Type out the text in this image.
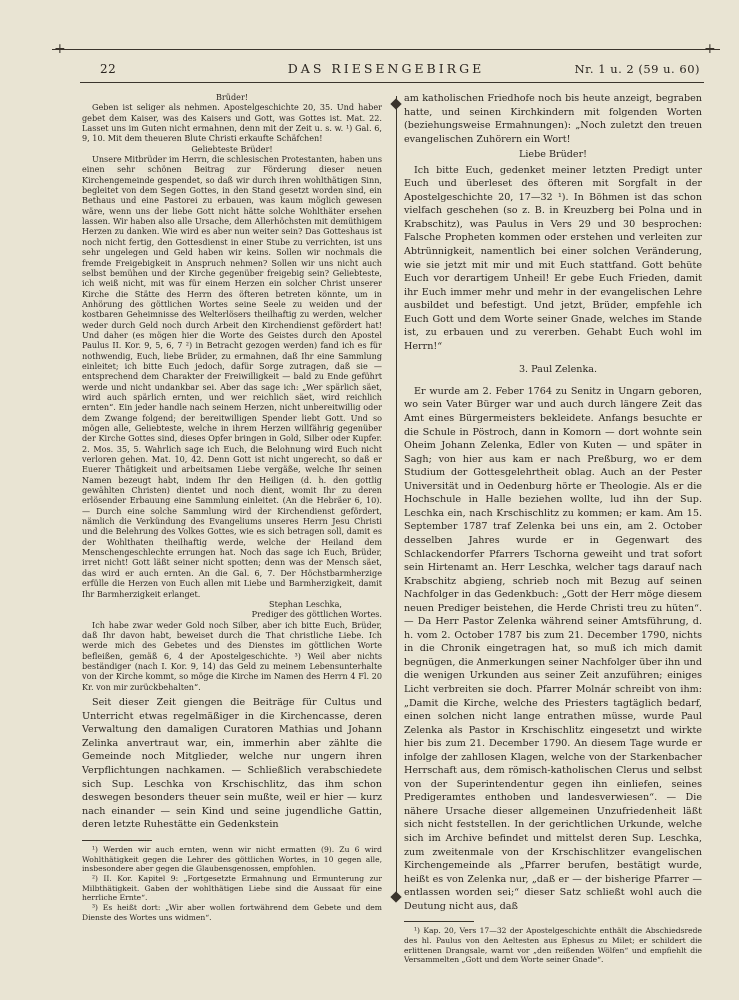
+	+
22	DAS RIESENGEBIRGE	Nr. 1 u. 2 (59 u. 60)

Brüder!

Geben ist seliger als nehmen. Apostelgeschichte 20, 35. Und haber gebet dem Kaiser, was des Kaisers und Gott, was Gottes ist. Mat. 22. Lasset uns im Guten nicht ermahnen, denn mit der Zeit u. s. w. ¹) Gal. 6, 9, 10. Mit dem theueren Blute Christi erkaufte Schäfchen!

Geliebteste Brüder!

Unsere Mitbrüder im Herrn, die schlesischen Protestanten, haben uns einen sehr schönen Beitrag zur Förderung dieser neuen Kirchengemeinde gespendet, so daß wir durch ihren wohlthätigen Sinn, begleitet von dem Segen Gottes, in den Stand gesetzt worden sind, ein Bethaus und eine Pastorei zu erbauen, was kaum möglich gewesen wäre, wenn uns der liebe Gott nicht hätte solche Wohlthäter ersehen lassen. Wir haben also alle Ursache, dem Allerhöchsten mit demüthigem Herzen zu danken. Wie wird es aber nun weiter sein? Das Gotteshaus ist noch nicht fertig, den Gottesdienst in einer Stube zu verrichten, ist uns sehr ungelegen und Geld haben wir keins. Sollen wir nochmals die fremde Freigebigkeit in Anspruch nehmen? Sollen wir uns nicht auch selbst bemühen und der Kirche gegenüber freigebig sein? Geliebteste, ich weiß nicht, mit was für einem Herzen ein solcher Christ unserer Kirche die Stätte des Herrn des öfteren betreten könnte, um in Anhörung des göttlichen Wortes seine Seele zu weiden und der kostbaren Geheimnisse des Welterlösers theilhaftig zu werden, welcher weder durch Geld noch durch Arbeit den Kirchendienst gefördert hat! Und daher (es mögen hier die Worte des Geistes durch den Apostel Paulus II. Kor. 9, 5, 6, 7 ²) in Betracht gezogen werden) fand ich es für nothwendig, Euch, liebe Brüder, zu ermahnen, daß Ihr eine Sammlung einleitet; ich bitte Euch jedoch, dafür Sorge zutragen, daß sie — entsprechend dem Charakter der Freiwilligkeit — bald zu Ende geführt werde und nicht undankbar sei. Aber das sage ich: „Wer spärlich säet, wird auch spärlich ernten, und wer reichlich säet, wird reichlich ernten“. Ein jeder handle nach seinem Herzen, nicht unbereitwillig oder dem Zwange folgend; der bereitwilligen Spender liebt Gott. Und so mögen alle, Geliebteste, welche in ihrem Herzen willfährig gegenüber der Kirche Gottes sind, dieses Opfer bringen in Gold, Silber oder Kupfer. 2. Mos. 35, 5. Wahrlich sage ich Euch, die Belohnung wird Euch nicht verloren gehen. Mat. 10, 42. Denn Gott ist nicht ungerecht, so daß er Euerer Thätigkeit und arbeitsamen Liebe vergäße, welche Ihr seinen Namen bezeugt habt, indem Ihr den Heiligen (d. h. den gottlig gewählten Christen) dientet und noch dient, womit Ihr zu deren erlösender Erbauung eine Sammlung einleitet. (An die Hebräer 6, 10). — Durch eine solche Sammlung wird der Kirchendienst gefördert, nämlich die Verkündung des Evangeliums unseres Herrn Jesu Christi und die Belehrung des Volkes Gottes, wie es sich betragen soll, damit es der Wohlthaten theilhaftig werde, welche der Heiland dem Menschengeschlechte errungen hat. Noch das sage ich Euch, Brüder, irret nicht! Gott läßt seiner nicht spotten; denn was der Mensch säet, das wird er auch ernten. An die Gal. 6, 7. Der Höchstbarmherzige erfülle die Herzen von Euch allen mit Liebe und Barmherzigkeit, damit Ihr Barmherzigkeit erlanget.

Stephan Leschka,

Prediger des göttlichen Wortes.

Ich habe zwar weder Gold noch Silber, aber ich bitte Euch, Brüder, daß Ihr davon habt, beweiset durch die That christliche Liebe. Ich werde mich des Gebetes und des Dienstes im göttlichen Worte befleißen, gemäß 6, 4 der Apostelgeschichte. ³) Weil aber nichts beständiger (nach I. Kor. 9, 14) das Geld zu meinem Lebensunterhalte von der Kirche kommt, so möge die Kirche im Namen des Herrn 4 Fl. 20 Kr. von mir zurückbehalten“.

Seit dieser Zeit giengen die Beiträge für Cultus und Unterricht etwas regelmäßiger in die Kirchencasse, deren Verwaltung den damaligen Curatoren Mathias und Johann Zelinka anvertraut war, ein, immerhin aber zählte die Gemeinde noch Mitglieder, welche nur ungern ihren Verpflichtungen nachkamen. — Schließlich verabschiedete sich Sup. Leschka von Krschischlitz, das ihm schon deswegen besonders theuer sein mußte, weil er hier — kurz nach einander — sein Kind und seine jugendliche Gattin, deren letzte Ruhestätte ein Gedenkstein

¹) Werden wir auch ernten, wenn wir nicht ermatten (9). Zu 6 wird Wohlthätigkeit gegen die Lehrer des göttlichen Wortes, in 10 gegen alle, insbesondere aber gegen die Glaubensgenossen, empfohlen.

²) II. Kor. Kapitel 9: „Fortgesetzte Ermahnung und Ermunterung zur Milbthätigkeit. Gaben der wohlthätigen Liebe sind die Aussaat für eine herrliche Ernte“.

³) Es heißt dort: „Wir aber wollen fortwährend dem Gebete und dem Dienste des Wortes uns widmen“.

am katholischen Friedhofe noch bis heute anzeigt, begraben hatte, und seinen Kirchkindern mit folgenden Worten (beziehungsweise Ermahnungen): „Noch zuletzt den treuen evangelischen Zuhörern ein Wort!

Liebe Brüder!

Ich bitte Euch, gedenket meiner letzten Predigt unter Euch und überleset des öfteren mit Sorgfalt in der Apostelgeschichte 20, 17—32 ¹). In Böhmen ist das schon vielfach geschehen (so z. B. in Kreuzberg bei Polna und in Krabschitz), was Paulus in Vers 29 und 30 besprochen: Falsche Propheten kommen oder erstehen und verleiten zur Abtrünnigkeit, namentlich bei einer solchen Veränderung, wie sie jetzt mit mir und mit Euch stattfand. Gott behüte Euch vor derartigem Unheil! Er gebe Euch Frieden, damit ihr Euch immer mehr und mehr in der evangelischen Lehre ausbildet und befestigt. Und jetzt, Brüder, empfehle ich Euch Gott und dem Worte seiner Gnade, welches im Stande ist, zu erbauen und zu vererben. Gehabt Euch wohl im Herrn!“

3. Paul Zelenka.

Er wurde am 2. Feber 1764 zu Senitz in Ungarn geboren, wo sein Vater Bürger war und auch durch längere Zeit das Amt eines Bürgermeisters bekleidete. Anfangs besuchte er die Schule in Pöstroch, dann in Komorn — dort wohnte sein Oheim Johann Zelenka, Edler von Kuten — und später in Sagh; von hier aus kam er nach Preßburg, wo er dem Studium der Gottesgelehrtheit oblag. Auch an der Pester Universität und in Oedenburg hörte er Theologie. Als er die Hochschule in Halle beziehen wollte, lud ihn der Sup. Leschka ein, nach Krschischlitz zu kommen; er kam. Am 15. September 1787 traf Zelenka bei uns ein, am 2. October desselben Jahres wurde er in Gegenwart des Schlackendorfer Pfarrers Tschorna geweiht und trat sofort sein Hirtenamt an. Herr Leschka, welcher tags darauf nach Krabschitz abgieng, schrieb noch mit Bezug auf seinen Nachfolger in das Gedenkbuch: „Gott der Herr möge diesem neuen Prediger beistehen, die Herde Christi treu zu hüten“. — Da Herr Pastor Zelenka während seiner Amtsführung, d. h. vom 2. October 1787 bis zum 21. December 1790, nichts in die Chronik eingetragen hat, so muß ich mich damit begnügen, die Anmerkungen seiner Nachfolger über ihn und die wenigen Urkunden aus seiner Zeit anzuführen; einiges Licht verbreiten sie doch. Pfarrer Molnár schreibt von ihm: „Damit die Kirche, welche des Priesters tagtäglich bedarf, einen solchen nicht lange entrathen müsse, wurde Paul Zelenka als Pastor in Krschischlitz eingesetzt und wirkte hier bis zum 21. December 1790. An diesem Tage wurde er infolge der zahllosen Klagen, welche von der Starkenbacher Herrschaft aus, dem römisch-katholischen Clerus und selbst von der Superintendentur gegen ihn einliefen, seines Predigeramtes enthoben und landesverwiesen“. — Die nähere Ursache dieser allgemeinen Unzufriedenheit läßt sich nicht feststellen. In der gerichtlichen Urkunde, welche sich im Archive befindet und mittelst deren Sup. Leschka, zum zweitenmale von der Krschischlitzer evangelischen Kirchengemeinde als „Pfarrer berufen, bestätigt wurde, heißt es von Zelenka nur, „daß er — der bisherige Pfarrer — entlassen worden sei;“ dieser Satz schließt wohl auch die Deutung nicht aus, daß

¹) Kap. 20, Vers 17—32 der Apostelgeschichte enthält die Abschiedsrede des hl. Paulus von den Aeltesten aus Ephesus zu Milet; er schildert die erlittenen Drangsale, warnt vor „den reißenden Wölfen“ und empfiehlt die Versammelten „Gott und dem Worte seiner Gnade“.
